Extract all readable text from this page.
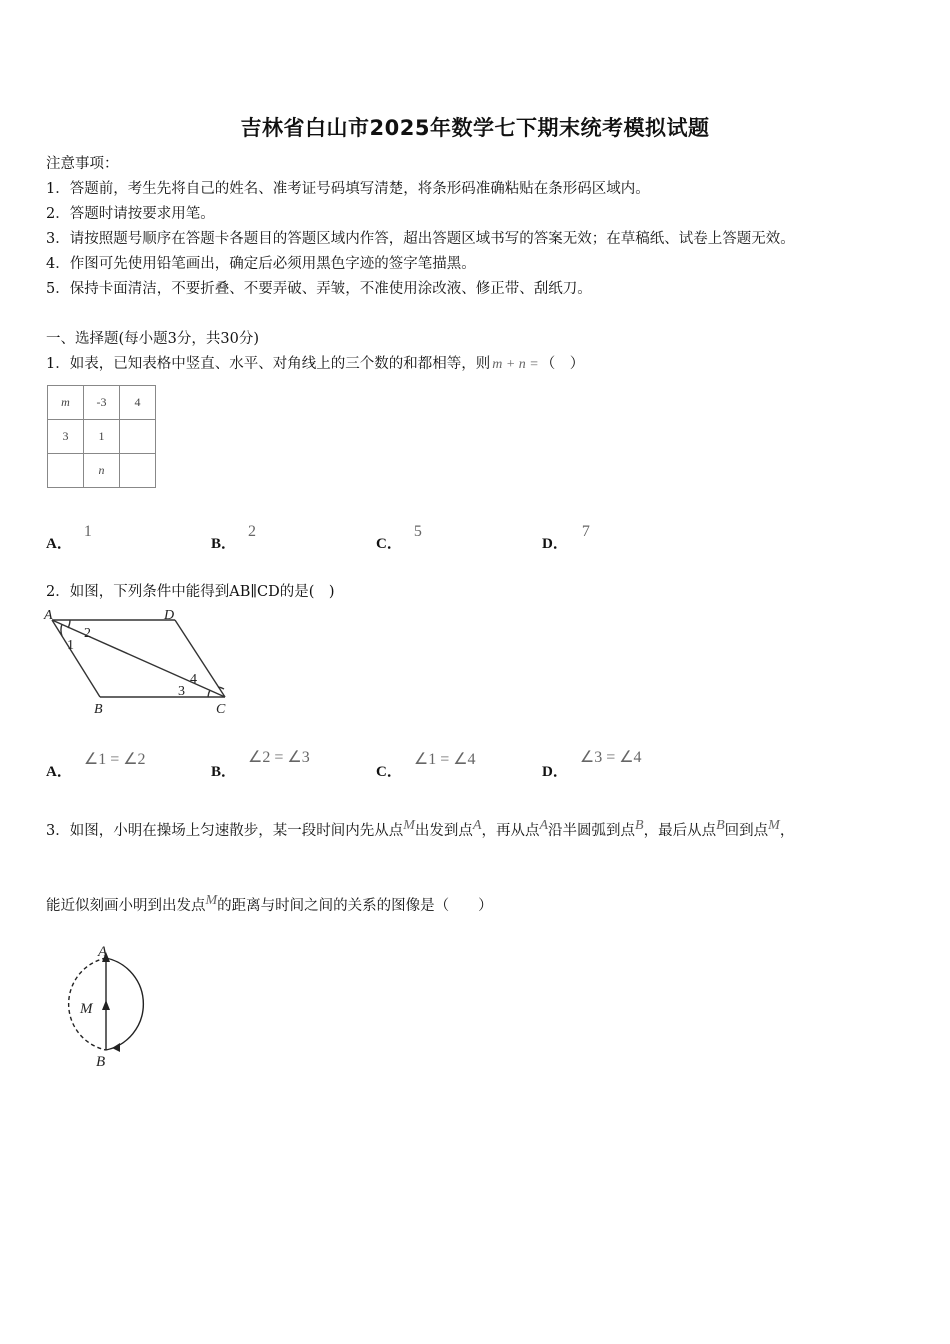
吉林省白山市2025年数学七下期末统考模拟试题
注意事项：
1．答题前，考生先将自己的姓名、准考证号码填写清楚，将条形码准确粘贴在条形码区域内。
2．答题时请按要求用笔。
3．请按照题号顺序在答题卡各题目的答题区域内作答，超出答题区域书写的答案无效；在草稿纸、试卷上答题无效。
4．作图可先使用铅笔画出，确定后必须用黑色字迹的签字笔描黑。
5．保持卡面清洁，不要折叠、不要弄破、弄皱，不准使用涂改液、修正带、刮纸刀。
一、选择题(每小题3分，共30分)
1．如表，已知表格中竖直、水平、对角线上的三个数的和都相等，则 m + n = （　）
m	-3	4
3	1	
	n	
A．1
B．2
C．5
D．7
2．如图，下列条件中能得到AB∥CD的是(　)
A	D
B	C
1
2
3
4
A．∠1 = ∠2
B．∠2 = ∠3
C．∠1 = ∠4
D．∠3 = ∠4
3．如图，小明在操场上匀速散步，某一段时间内先从点$^M$出发到点$^A$，再从点$^A$沿半圆弧到点$^B$，最后从点$^B$回到点$^M$，
能近似刻画小明到出发点$^M$的距离与时间之间的关系的图像是（　　）
A
M
B
